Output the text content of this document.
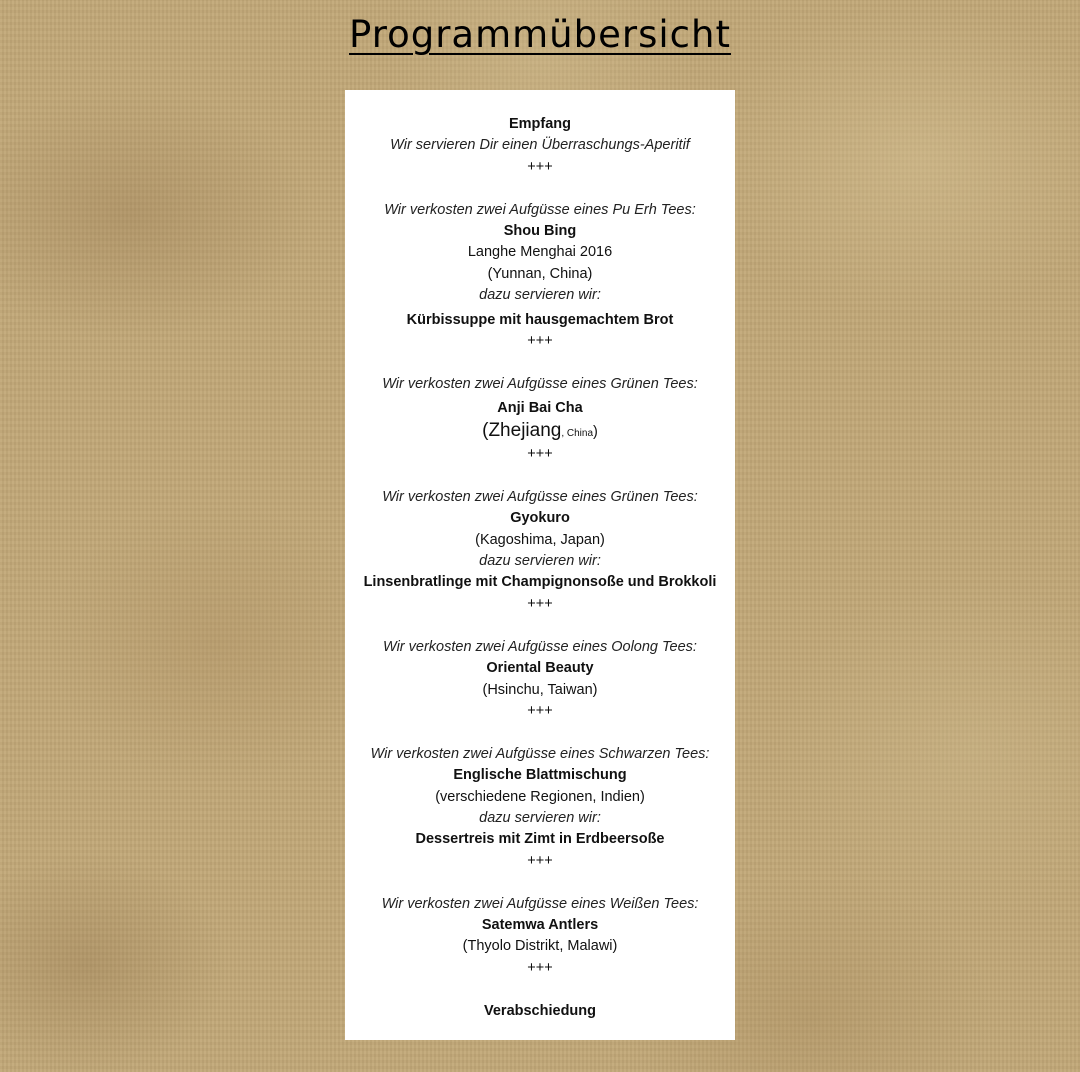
Programmübersicht
Empfang
Wir servieren Dir einen Überraschungs-Aperitif
+++
Wir verkosten zwei Aufgüsse eines Pu Erh Tees:
Shou Bing
Langhe Menghai 2016
(Yunnan, China)
dazu servieren wir:
Kürbissuppe mit hausgemachtem Brot
+++
Wir verkosten zwei Aufgüsse eines Grünen Tees:
Anji Bai Cha
(Zhejiang, China)
+++
Wir verkosten zwei Aufgüsse eines Grünen Tees:
Gyokuro
(Kagoshima, Japan)
dazu servieren wir:
Linsenbratlinge mit Champignonsoße und Brokkoli
+++
Wir verkosten zwei Aufgüsse eines Oolong Tees:
Oriental Beauty
(Hsinchu, Taiwan)
+++
Wir verkosten zwei Aufgüsse eines Schwarzen Tees:
Englische Blattmischung
(verschiedene Regionen, Indien)
dazu servieren wir:
Dessertreis mit Zimt in Erdbeersoße
+++
Wir verkosten zwei Aufgüsse eines Weißen Tees:
Satemwa Antlers
(Thyolo Distrikt, Malawi)
+++
Verabschiedung
